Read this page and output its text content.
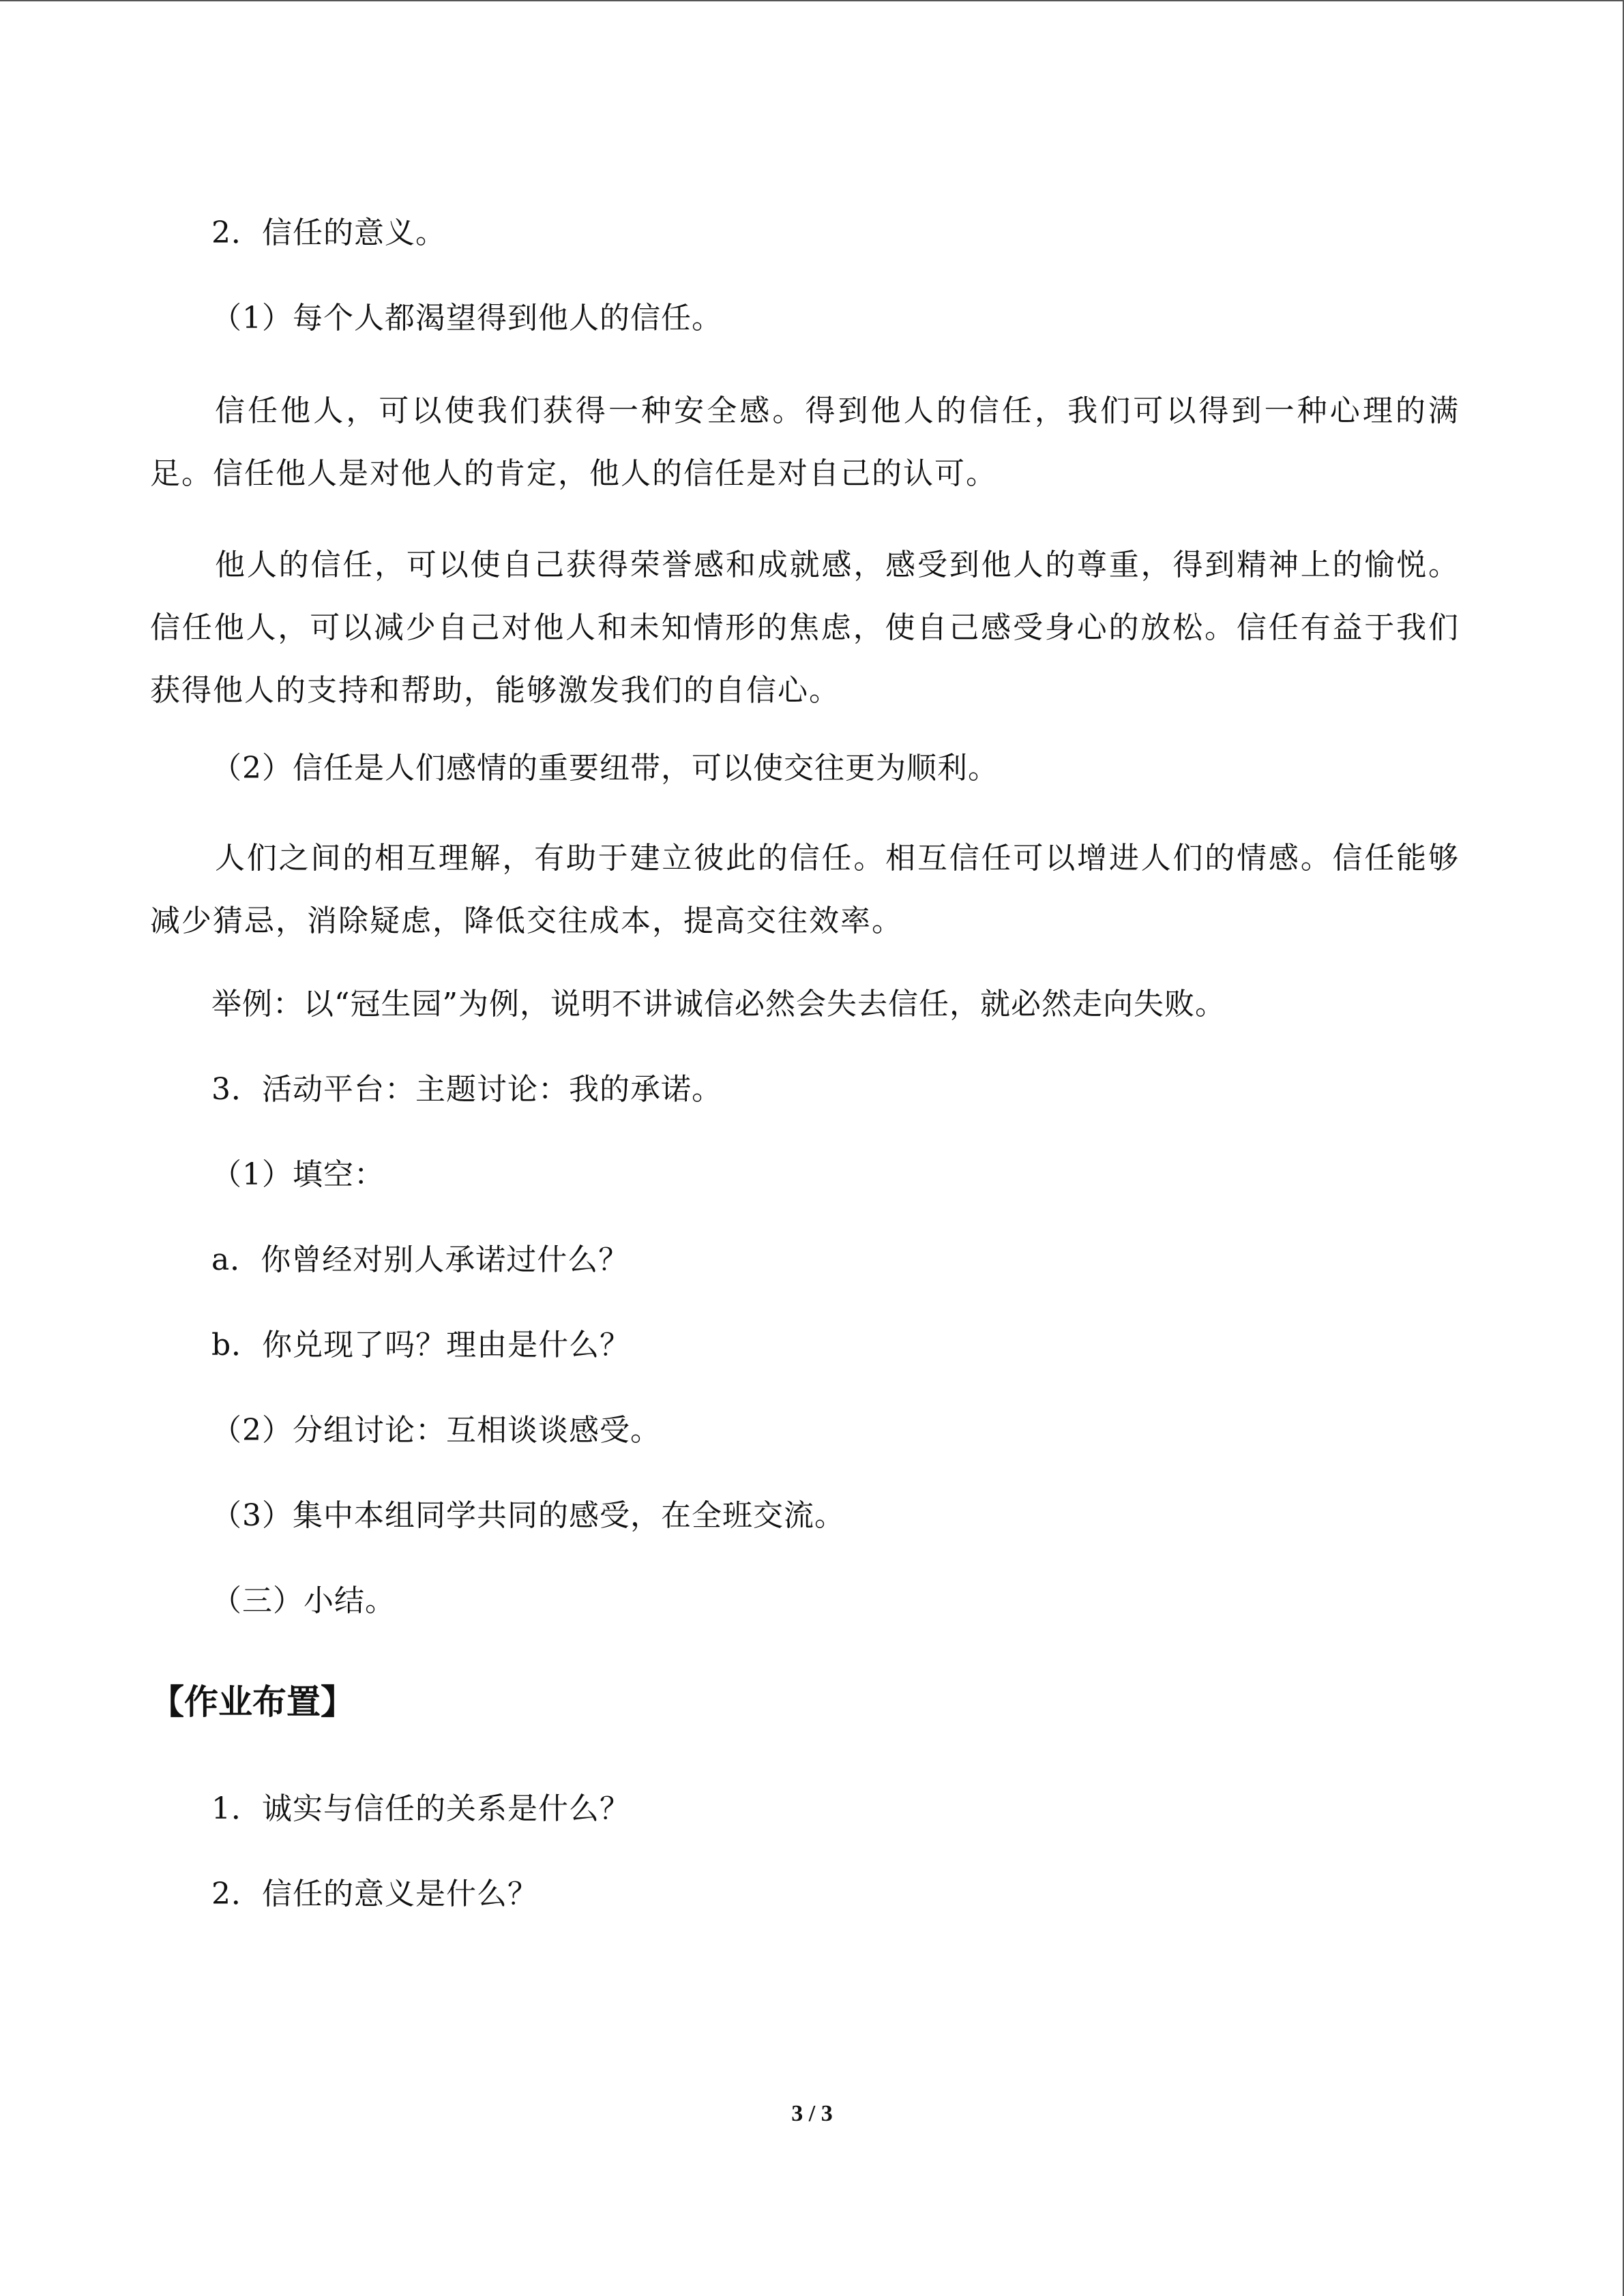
2．信任的意义。
（1）每个人都渴望得到他人的信任。
信任他人，可以使我们获得一种安全感。得到他人的信任，我们可以得到一种心理的满足。信任他人是对他人的肯定，他人的信任是对自己的认可。
他人的信任，可以使自己获得荣誉感和成就感，感受到他人的尊重，得到精神上的愉悦。信任他人，可以减少自己对他人和未知情形的焦虑，使自己感受身心的放松。信任有益于我们获得他人的支持和帮助，能够激发我们的自信心。
（2）信任是人们感情的重要纽带，可以使交往更为顺利。
人们之间的相互理解，有助于建立彼此的信任。相互信任可以增进人们的情感。信任能够减少猜忌，消除疑虑，降低交往成本，提高交往效率。
举例：以“冠生园”为例，说明不讲诚信必然会失去信任，就必然走向失败。
3．活动平台：主题讨论：我的承诺。
（1）填空：
a．你曾经对别人承诺过什么？
b．你兑现了吗？理由是什么？
（2）分组讨论：互相谈谈感受。
（3）集中本组同学共同的感受，在全班交流。
（三）小结。
【作业布置】
1．诚实与信任的关系是什么？
2．信任的意义是什么？
3 / 3
